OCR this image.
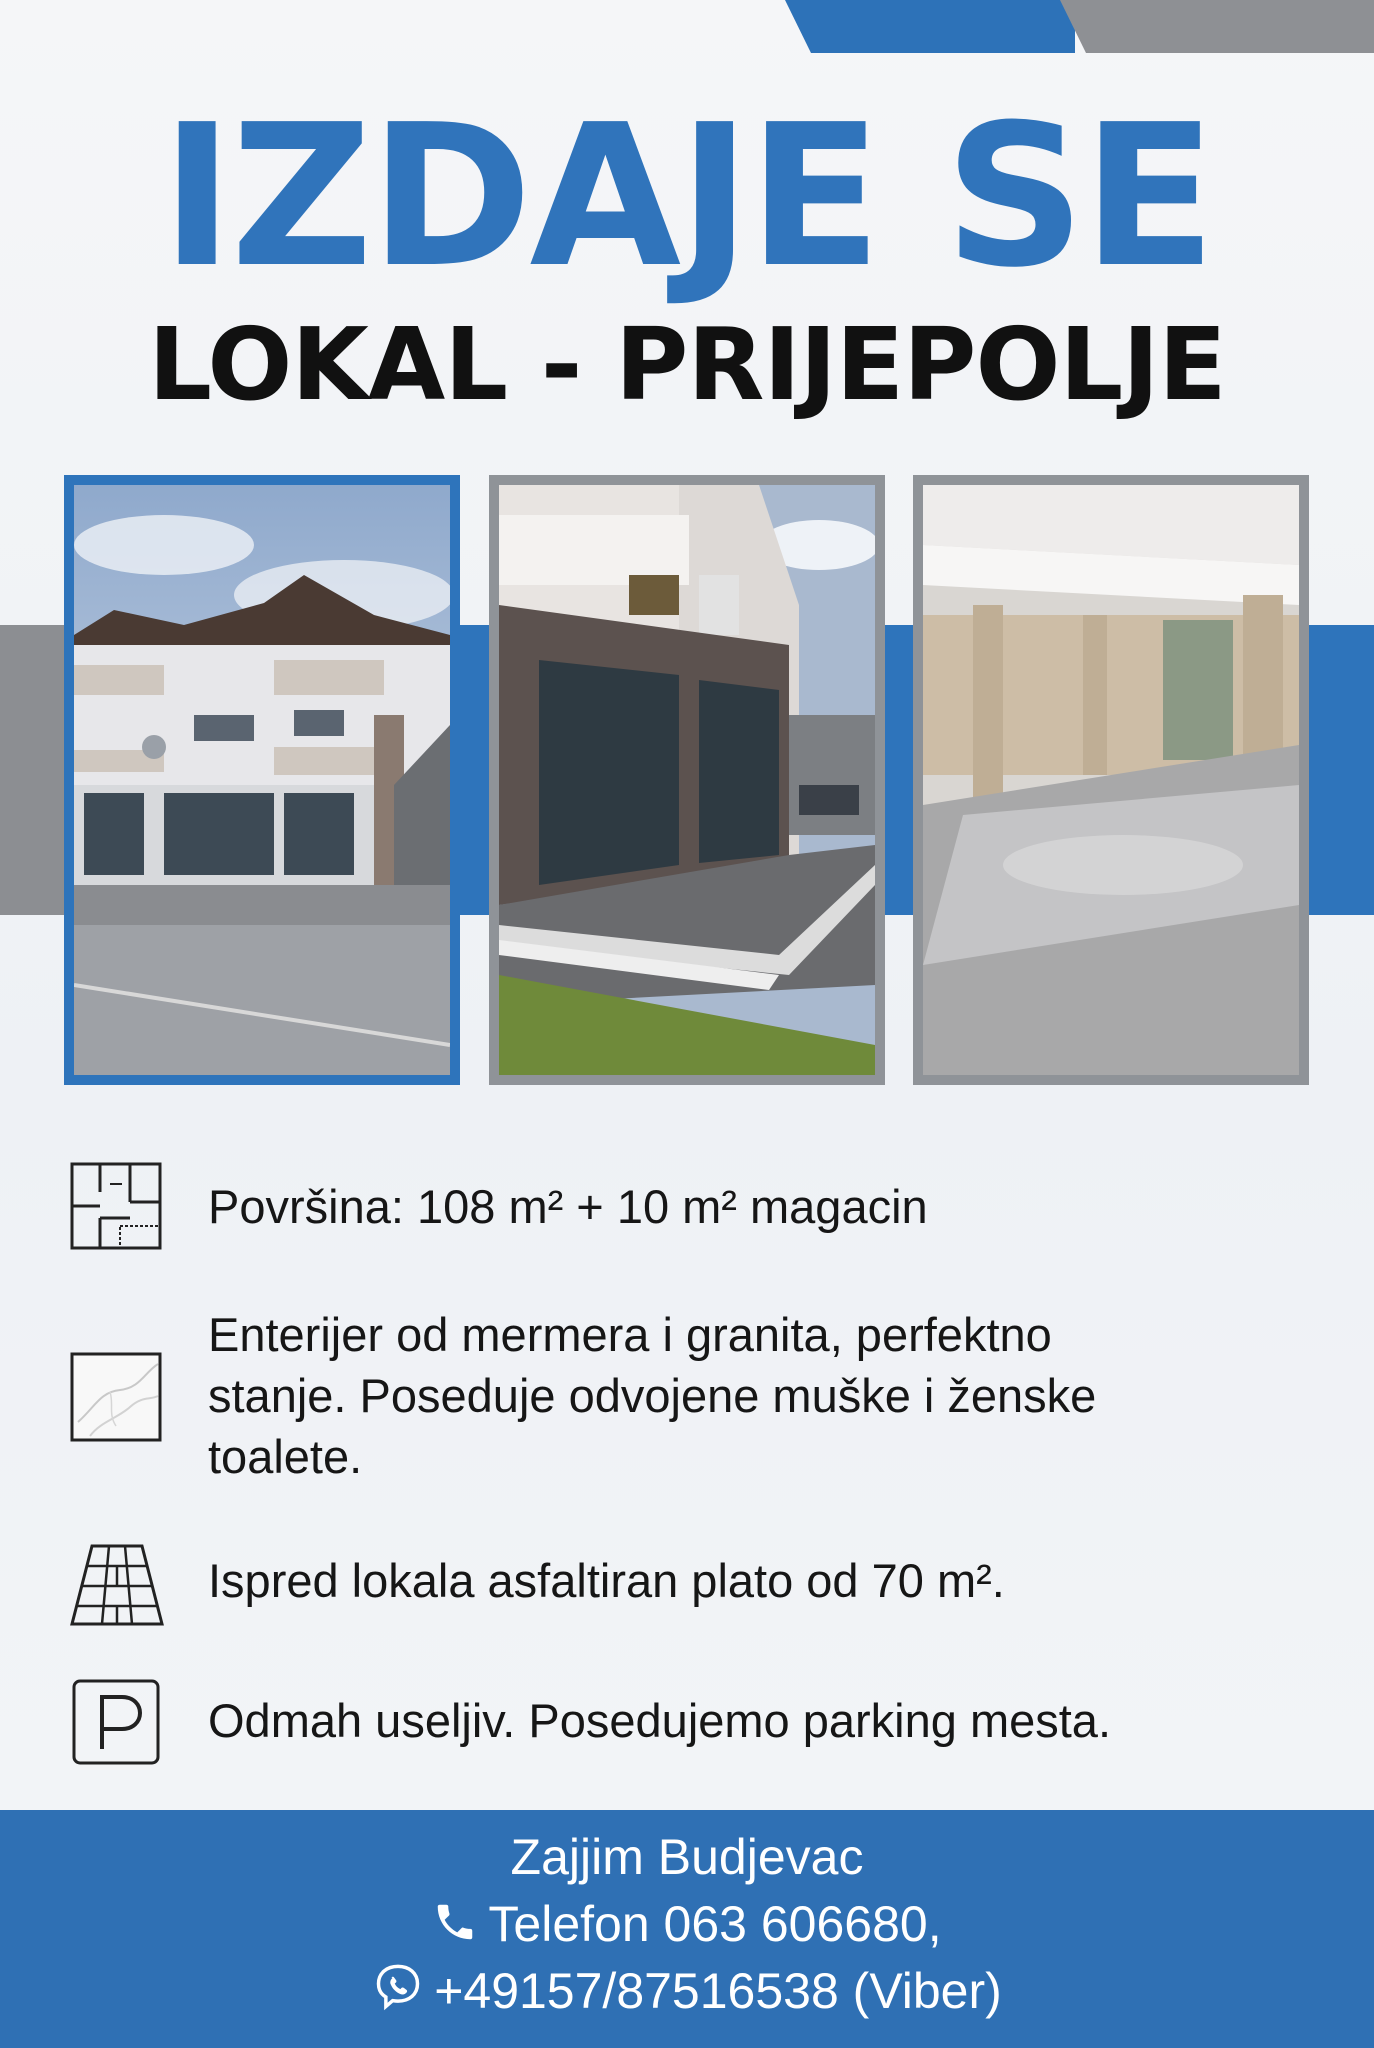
IZDAJE SE
LOKAL - PRIJEPOLJE
Površina: 108 m² + 10 m² magacin
Enterijer od mermera i granita, perfektno
stanje. Poseduje odvojene muške i ženske
toalete.
Ispred lokala asfaltiran plato od 70 m².
Odmah useljiv. Posedujemo parking mesta.
Zajjim Budjevac
Telefon 063 606680,
+49157/87516538 (Viber)
